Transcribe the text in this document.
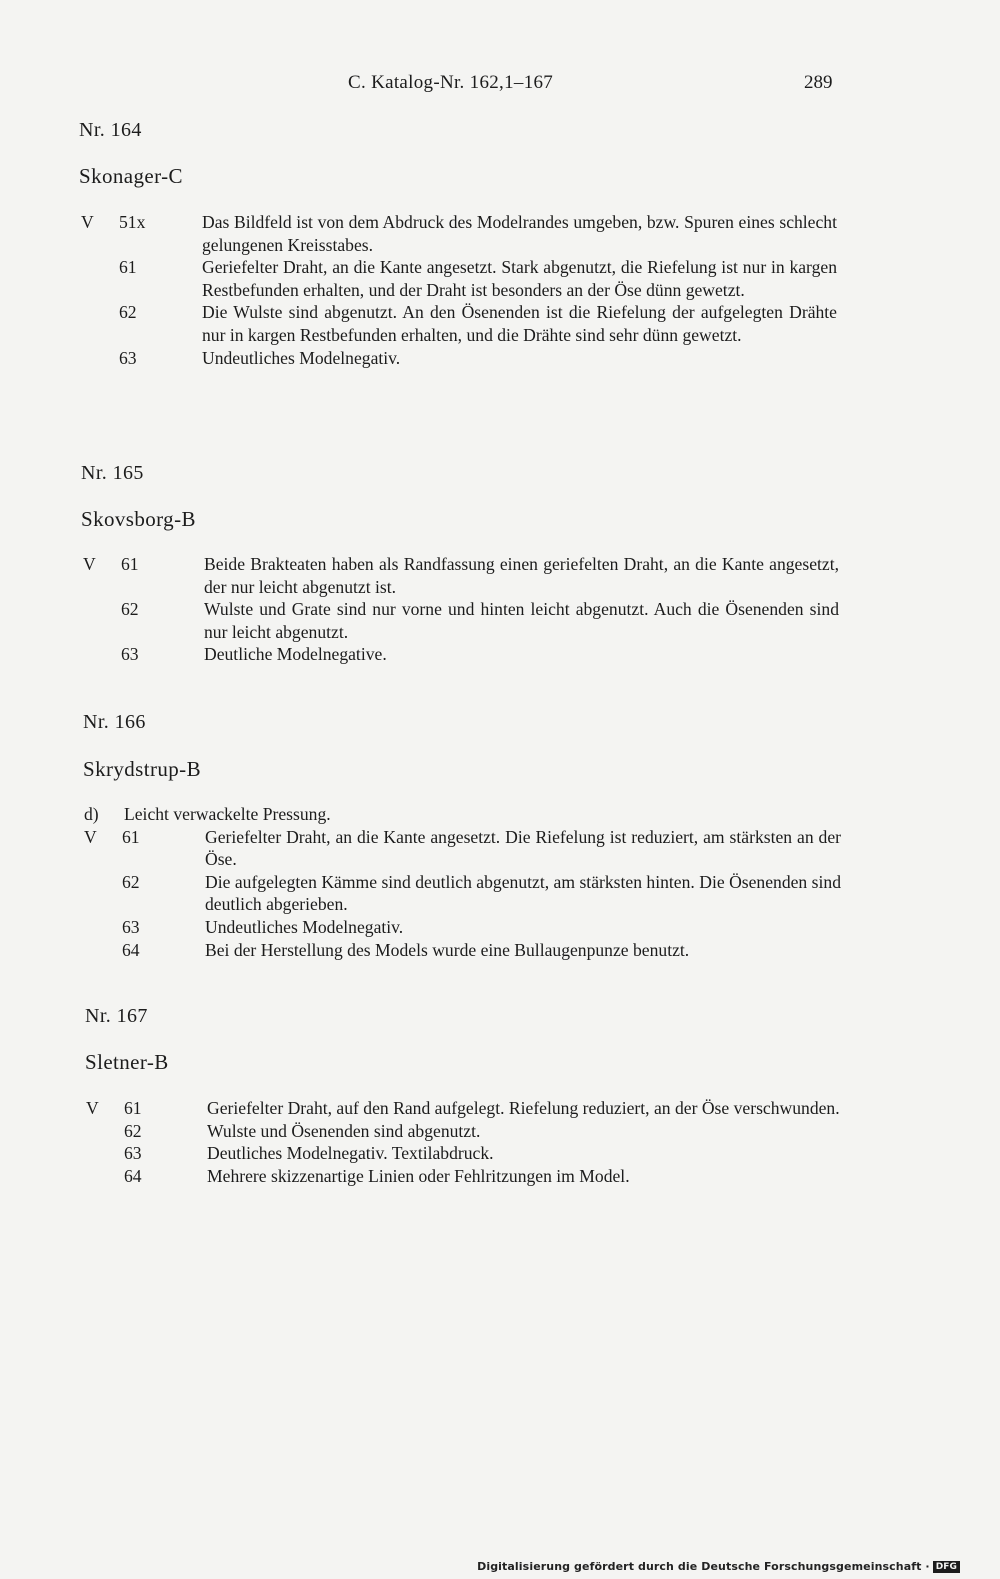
C. Katalog-Nr. 162,1–167	289
Nr. 164
Skonager-C
V	51x	Das Bildfeld ist von dem Abdruck des Modelrandes umgeben, bzw. Spuren eines schlecht gelungenen Kreisstabes.
61	Geriefelter Draht, an die Kante angesetzt. Stark abgenutzt, die Riefelung ist nur in kargen Restbefunden erhalten, und der Draht ist besonders an der Öse dünn gewetzt.
62	Die Wulste sind abgenutzt. An den Ösenenden ist die Riefelung der aufgelegten Drähte nur in kargen Restbefunden erhalten, und die Drähte sind sehr dünn gewetzt.
63	Undeutliches Modelnegativ.
Nr. 165
Skovsborg-B
V	61	Beide Brakteaten haben als Randfassung einen geriefelten Draht, an die Kante angesetzt, der nur leicht abgenutzt ist.
62	Wulste und Grate sind nur vorne und hinten leicht abgenutzt. Auch die Ösenenden sind nur leicht abgenutzt.
63	Deutliche Modelnegative.
Nr. 166
Skrydstrup-B
d)	Leicht verwackelte Pressung.
V	61	Geriefelter Draht, an die Kante angesetzt. Die Riefelung ist reduziert, am stärksten an der Öse.
62	Die aufgelegten Kämme sind deutlich abgenutzt, am stärksten hinten. Die Ösenenden sind deutlich abgerieben.
63	Undeutliches Modelnegativ.
64	Bei der Herstellung des Models wurde eine Bullaugenpunze benutzt.
Nr. 167
Sletner-B
V	61	Geriefelter Draht, auf den Rand aufgelegt. Riefelung reduziert, an der Öse verschwunden.
62	Wulste und Ösenenden sind abgenutzt.
63	Deutliches Modelnegativ. Textilabdruck.
64	Mehrere skizzenartige Linien oder Fehlritzungen im Model.
Digitalisierung gefördert durch die Deutsche Forschungsgemeinschaft · DFG
